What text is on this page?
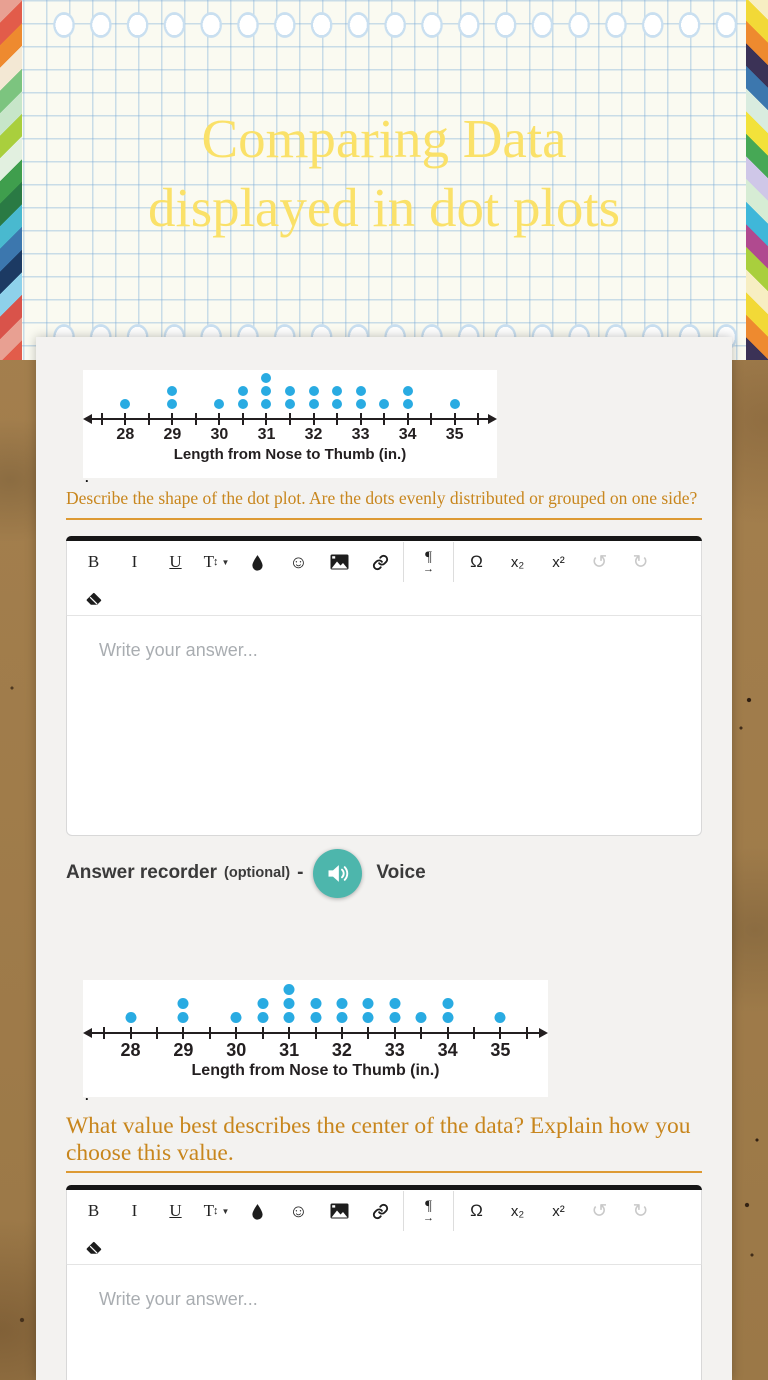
Comparing Data
displayed in dot plots
28 29 30 31 32 33 34 35
Length from Nose to Thumb (in.)
.
Describe the shape of the dot plot. Are the dots evenly distributed or grouped on one side?
B I U T ↕ ▼	☺	¶
→ Ω x₂ x² ↺ ↻
Write your answer...
Answer recorder (optional) -	Voice
28 29 30 31 32 33 34 35
Length from Nose to Thumb (in.)
.
What value best describes the center of the data? Explain how you choose this value.
B I U T ↕ ▼	☺	¶
→ Ω x₂ x² ↺ ↻
Write your answer...
